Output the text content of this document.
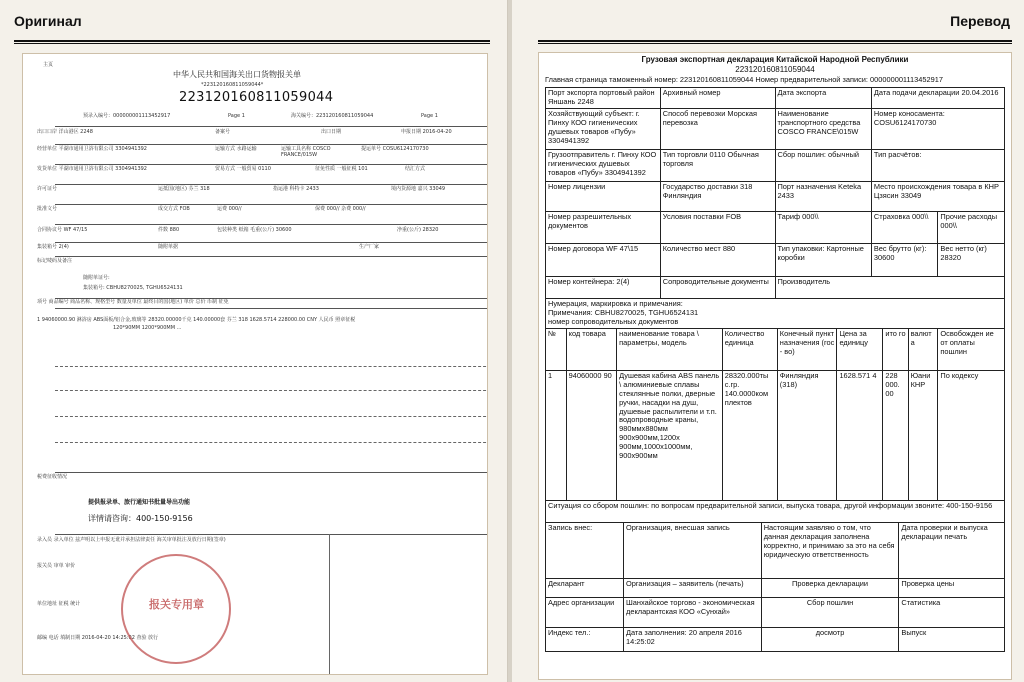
Оригинал
主页
中华人民共和国海关出口货物报关单
*223120160811059044*
223120160811059044
预录入编号：000000001113452917	Page 1	海关编号：223120160811059044	Page 1
出口口岸 洋山港区 2248	备案号	出口日期	申报日期 2016-04-20
经营单位 平湖市通用卫浴有限公司 3304941392	运输方式 水路运输	运输工具名称 COSCO FRANCE/015W
提运单号 COSU6124170730
发货单位 平湖市通用卫浴有限公司 3304941392	贸易方式 一般贸易 0110	征免性质 一般征税 101	结汇方式
许可证号	运抵国(地区) 芬兰 318	指运港 科特卡 2433	境内货源地 嘉兴 33049
批准文号	成交方式 FOB	运费 000//	保费 000// 杂费 000//
合同协议号 WF 47/15	件数 880	包装种类 纸箱 毛重(公斤) 30600	净重(公斤) 28320
集装箱号 2(4)	随附单据	生产厂家
标记唛码及备注
随附单证号:
集装箱号: CBHU8270025, TGHU6524131
项号 商品编号 商品名称、规格型号 数量及单位 最终目的国(地区) 单价 总价 币制 征免
1 94060000.90 淋浴房 ABS面板/铝合金,玻璃等 28320.00000千克 140.00000套 芬兰 318 1628.5714 228000.00 CNY 人民币 照章征税
120*90MM 1200*900MM ...
税费征收情况
提供报录单、旅行通知书批量导出功能
详情请咨询：400-150-9156
录入员 录入单位 兹声明以上申报无讹并承担法律责任 海关审单批注及放行日期(签章)
报关员 审单 审价
单位地址 征税 统计
邮编 电话 填制日期 2016-04-20 14:25:02 查验 放行
报关专用章
Перевод
Грузовая экспортная декларация Китайской Народной Республики
223120160811059044
Главная страница таможенный номер: 223120160811059044 Номер предварительной записи: 000000001113452917
Порт экспорта портовый район Яншань 2248	Архивный номер	Дата экспорта	Дата подачи декларации 20.04.2016
Хозяйствующий субъект: г. Пинху КОО гигиенических душевых товаров «Пубу» 3304941392	Способ перевозки Морская перевозка	Наименование транспортного средства COSCO FRANCE\015W	Номер коносамента: COSU6124170730
Грузоотправитель г. Пинху КОО гигиенических душевых товаров «Пубу» 3304941392	Тип торговли 0110 Обычная торговля	Сбор пошлин: обычный	Тип расчётов:
Номер лицензии	Государство доставки 318 Финляндия	Порт назначения Kеteka 2433	Место происхождения товара в КНР Цзясин 33049
Номер разрешительных документов	Условия поставки FOB	Тариф 000\\	Страховка 000\\	Прочие расходы 000\\
Номер договора WF 47\15	Количество мест 880	Тип упаковки: Картонные коробки	Вес брутто (кг): 30600	Вес нетто (кг) 28320
Номер контейнера: 2(4)	Сопроводительные документы	Производитель		

Нумерация, маркировка и примечания:
Примечания: CBHU8270025, TGHU6524131
номер сопроводительных документов				
№	код товара	наименование товара \ параметры, модель	Количество единица	Конечный пункт назначения (гос - во)	Цена за единицу	ито го	валют а	Освобожден ие от оплаты пошлин
1	94060000 90	Душевая кабина ABS панель \ алюминиевые сплавы стеклянные полки, дверные ручки, насадки на душ, душевые распылители и т.п. водопроводные краны, 980ммx880мм 900x900мм,1200x 900мм,1000x1000мм, 900x900мм	28320.000ты с.гр. 140.0000ком плектов	Финляндия (318)	1628.571 4	228 000. 00	Юани КНР	По кодексу
Ситуация со сбором пошлин: по вопросам предварительной записи, выпуска товара, другой информации звоните: 400-150-9156								
Запись внес:	Организация, внесшая запись	Настоящим заявляю о том, что данная декларация заполнена корректно, и принимаю за это на себя юридическую ответственность	Дата проверки и выпуска декларации печать
Декларант	Организация – заявитель (печать)	Проверка декларации	Проверка цены
Адрес организации	Шанхайское торгово - экономическая декларантская КОО «Сунхай»	Сбор пошлин	Статистика
Индекс тел.:	Дата заполнения: 20 апреля 2016 14:25:02	досмотр	Выпуск
